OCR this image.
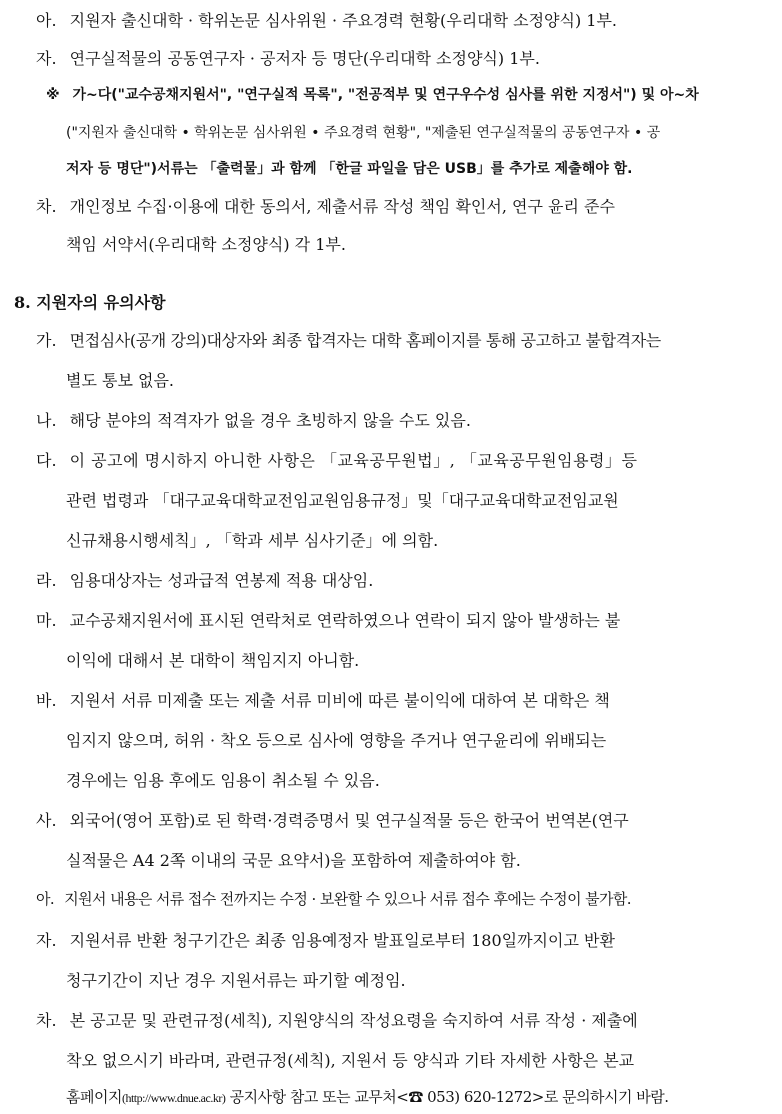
아. 지원자 출신대학 · 학위논문 심사위원 · 주요경력 현황(우리대학 소정양식) 1부.
자. 연구실적물의 공동연구자 · 공저자 등 명단(우리대학 소정양식) 1부.
※ 가~다("교수공채지원서", "연구실적 목록", "전공적부 및 연구우수성 심사를 위한 지정서") 및 아~차
("지원자 출신대학 • 학위논문 심사위원 • 주요경력 현황", "제출된 연구실적물의 공동연구자 • 공
저자 등 명단")서류는 「출력물」과 함께 「한글 파일을 담은 USB」를 추가로 제출해야 함.
차. 개인정보 수집·이용에 대한 동의서, 제출서류 작성 책임 확인서, 연구 윤리 준수
책임 서약서(우리대학 소정양식) 각 1부.
8. 지원자의 유의사항
가. 면접심사(공개 강의)대상자와 최종 합격자는 대학 홈페이지를 통해 공고하고 불합격자는
별도 통보 없음.
나. 해당 분야의 적격자가 없을 경우 초빙하지 않을 수도 있음.
다. 이 공고에 명시하지 아니한 사항은 「교육공무원법」, 「교육공무원임용령」등
관련 법령과 「대구교육대학교전임교원임용규정」및「대구교육대학교전임교원
신규채용시행세칙」, 「학과 세부 심사기준」에 의함.
라. 임용대상자는 성과급적 연봉제 적용 대상임.
마. 교수공채지원서에 표시된 연락처로 연락하였으나 연락이 되지 않아 발생하는 불
이익에 대해서 본 대학이 책임지지 아니함.
바. 지원서 서류 미제출 또는 제출 서류 미비에 따른 불이익에 대하여 본 대학은 책
임지지 않으며, 허위 · 착오 등으로 심사에 영향을 주거나 연구윤리에 위배되는
경우에는 임용 후에도 임용이 취소될 수 있음.
사. 외국어(영어 포함)로 된 학력·경력증명서 및 연구실적물 등은 한국어 번역본(연구
실적물은 A4 2쪽 이내의 국문 요약서)을 포함하여 제출하여야 함.
아. 지원서 내용은 서류 접수 전까지는 수정 · 보완할 수 있으나 서류 접수 후에는 수정이 불가함.
자. 지원서류 반환 청구기간은 최종 임용예정자 발표일로부터 180일까지이고 반환
청구기간이 지난 경우 지원서류는 파기할 예정임.
차. 본 공고문 및 관련규정(세칙), 지원양식의 작성요령을 숙지하여 서류 작성 · 제출에
착오 없으시기 바라며, 관련규정(세칙), 지원서 등 양식과 기타 자세한 사항은 본교
홈페이지(http://www.dnue.ac.kr) 공지사항 참고 또는 교무처<☎ 053) 620-1272>로 문의하시기 바람.
